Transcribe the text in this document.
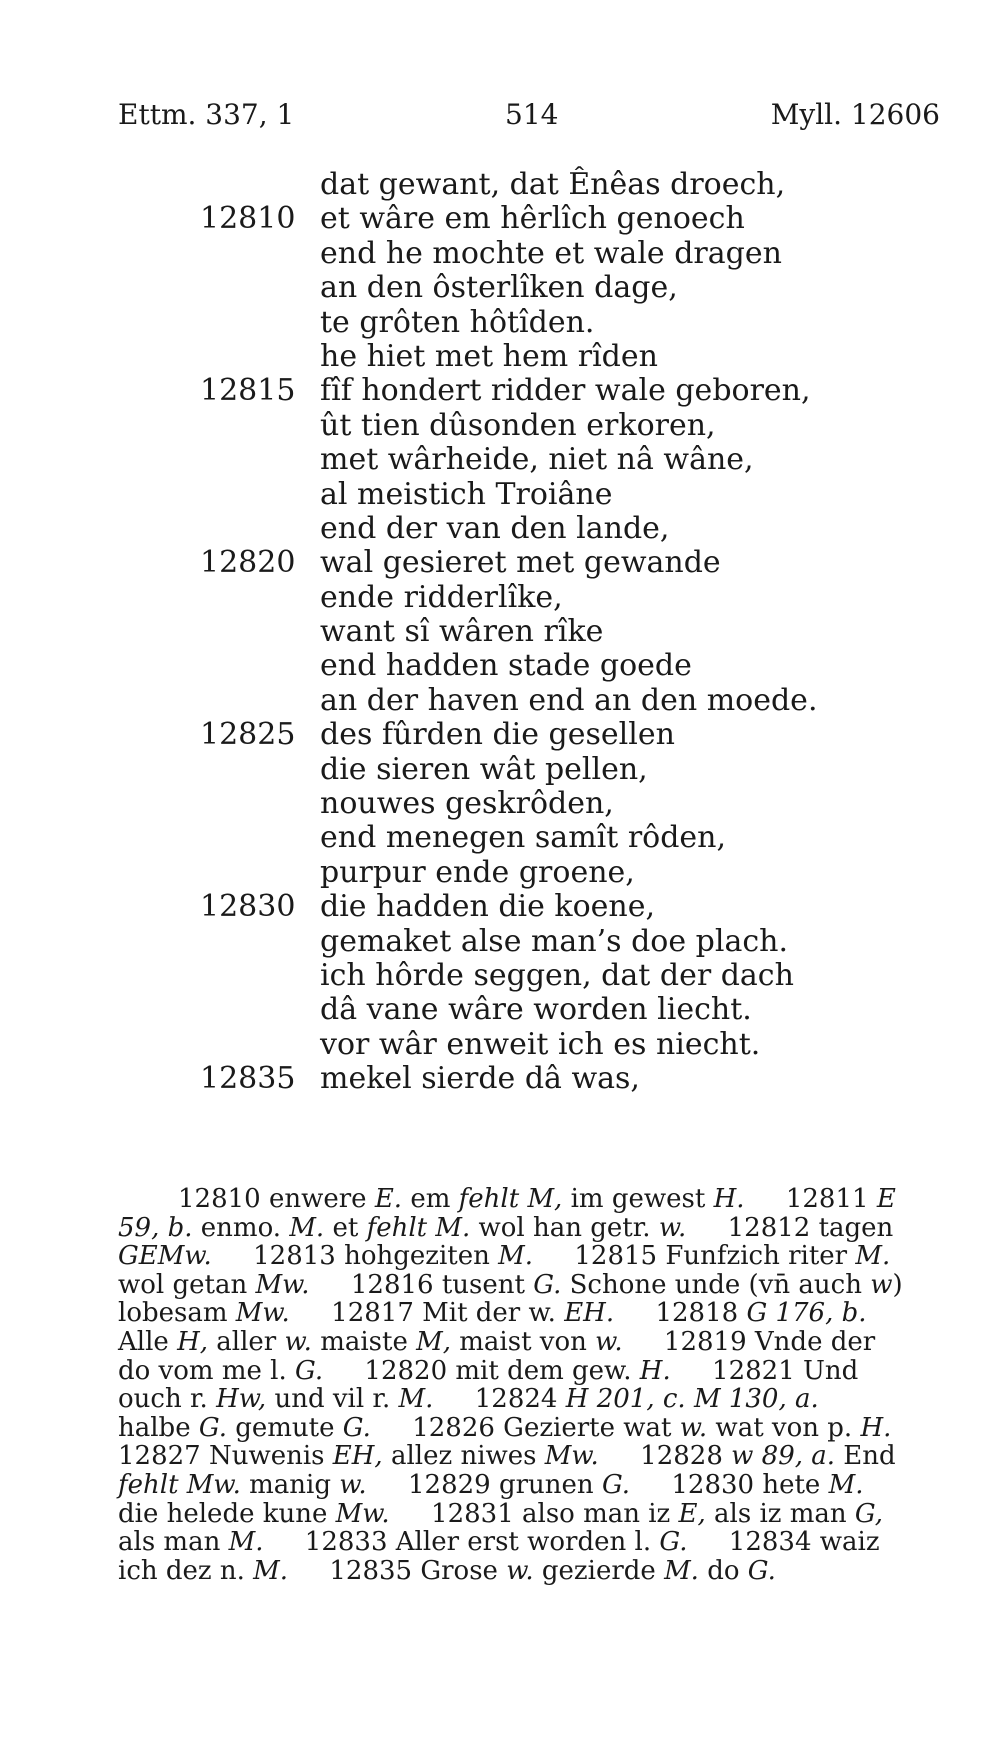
Ettm. 337, 1	514	Myll. 12606
dat gewant, dat Ênêas droech,
12810 et wâre em hêrlîch genoech
end he mochte et wale dragen
an den ôsterlîken dage,
te grôten hôtîden.
he hiet met hem rîden
12815 fîf hondert ridder wale geboren,
ût tien dûsonden erkoren,
met wârheide, niet nâ wâne,
al meistich Troiâne
end der van den lande,
12820 wal gesieret met gewande
ende ridderlîke,
want sî wâren rîke
end hadden stade goede
an der haven end an den moede.
12825 des fûrden die gesellen
die sieren wât pellen,
nouwes geskrôden,
end menegen samît rôden,
purpur ende groene,
12830 die hadden die koene,
gemaket alse man’s doe plach.
ich hôrde seggen, dat der dach
dâ vane wâre worden liecht.
vor wâr enweit ich es niecht.
12835 mekel sierde dâ was,
12810 enwere E. em fehlt M, im gewest H.     12811 E
59, b. enmo. M. et fehlt M. wol han getr. w.     12812 tagen
GEMw.     12813 hohgeziten M.     12815 Funfzich riter M.
wol getan Mw.     12816 tusent G. Schone unde (vn̄ auch w)
lobesam Mw.     12817 Mit der w. EH.     12818 G 176, b.
Alle H, aller w. maiste M, maist von w.     12819 Vnde der
do vom me l. G.     12820 mit dem gew. H.     12821 Und
ouch r. Hw, und vil r. M.     12824 H 201, c. M 130, a.
halbe G. gemute G.     12826 Gezierte wat w. wat von p. H.
12827 Nuwenis EH, allez niwes Mw.     12828 w 89, a. End
fehlt Mw. manig w.     12829 grunen G.     12830 hete M.
die helede kune Mw.     12831 also man iz E, als iz man G,
als man M.     12833 Aller erst worden l. G.     12834 waiz
ich dez n. M.     12835 Grose w. gezierde M. do G.
